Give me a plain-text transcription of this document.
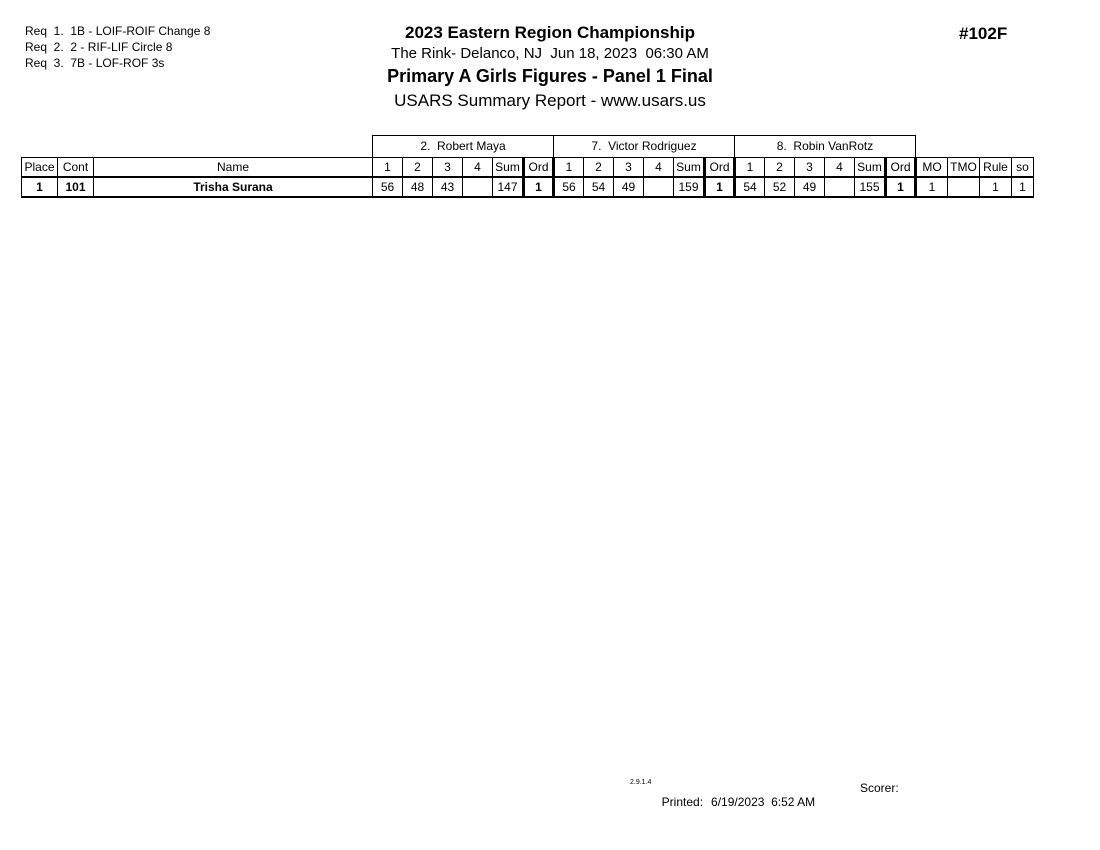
Req  1.  1B - LOIF-ROIF Change 8
Req  2.  2 - RIF-LIF Circle 8
Req  3.  7B - LOF-ROF 3s
2023 Eastern Region Championship
The Rink- Delanco, NJ  Jun 18, 2023  06:30 AM
Primary A Girls Figures - Panel 1 Final
USARS Summary Report - www.usars.us
#102F
			2.  Robert Maya						7.  Victor Rodriguez						8.  Robin VanRotz									
Place	Cont	Name	1	2	3	4	Sum	Ord	1	2	3	4	Sum	Ord	1	2	3	4	Sum	Ord	MO	TMO	Rule	so
1	101	Trisha Surana	56	48	43		147	1	56	54	49		159	1	54	52	49		155	1	1		1	1
2.9.1.4

Printed: 6/19/2023  6:52 AM

Scorer:
